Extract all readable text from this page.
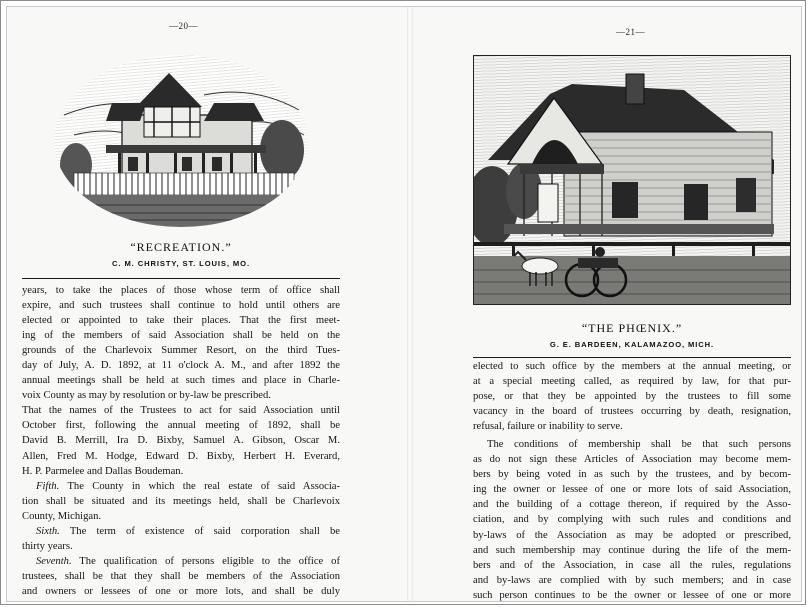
—20—
“RECREATION.”
C. M. CHRISTY, ST. LOUIS, MO.
years, to take the places of those whose term of office shall
expire, and such trustees shall continue to hold until others are
elected or appointed to take their places. That the first meet-
ing of the members of said Association shall be held on the
grounds of the Charlevoix Summer Resort, on the third Tues-
day of July, A. D. 1892, at 11 o'clock A. M., and after 1892 the
annual meetings shall be held at such times and place in Charle-
voix County as may by resolution or by-law be prescribed.
That the names of the Trustees to act for said Association until
October first, following the annual meeting of 1892, shall be
David B. Merrill, Ira D. Bixby, Samuel A. Gibson, Oscar M.
Allen, Fred M. Hodge, Edward D. Bixby, Herbert H. Everard,
H. P. Parmelee and Dallas Boudeman.
Fifth. The County in which the real estate of said Associa-
tion shall be situated and its meetings held, shall be Charlevoix
County, Michigan.
Sixth. The term of existence of said corporation shall be
thirty years.
Seventh. The qualification of persons eligible to the office of
trustees, shall be that they shall be members of the Association
and owners or lessees of one or more lots, and shall be duly
—21—
“THE PHŒNIX.”
G. E. BARDEEN, KALAMAZOO, MICH.
elected to such office by the members at the annual meeting, or
at a special meeting called, as required by law, for that pur-
pose, or that they be appointed by the trustees to fill some
vacancy in the board of trustees occurring by death, resignation,
refusal, failure or inability to serve.
The conditions of membership shall be that such persons
as do not sign these Articles of Association may become mem-
bers by being voted in as such by the trustees, and by becom-
ing the owner or lessee of one or more lots of said Association,
and the building of a cottage thereon, if required by the Asso-
ciation, and by complying with such rules and conditions and
by-laws of the Association as may be adopted or prescribed,
and such membership may continue during the life of the mem-
bers and of the Association, in case all the rules, regulations
and by-laws are complied with by such members; and in case
such person continues to be the owner or lessee of one or more
